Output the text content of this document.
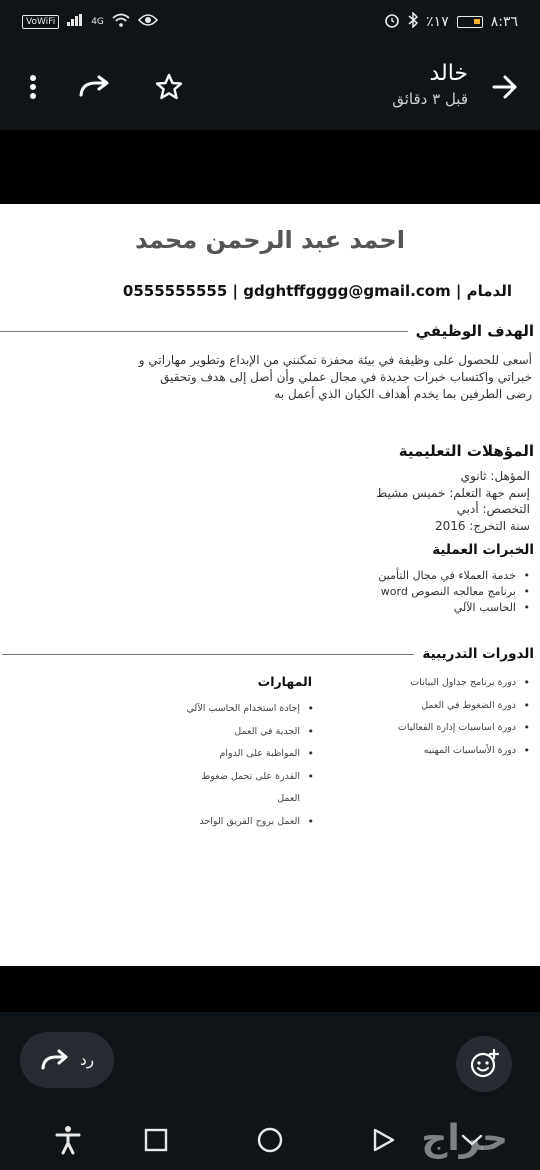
VoWiFi	4G	٪١٧	٨:٣٦
خالد
قبل ٣ دقائق
احمد عبد الرحمن محمد
الدمام | 0555555555 | gdghtffgggg@gmail.com
الهدف الوظيفي
أسعى للحصول على وظيفة في بيئة محفزة تمكنني من الإبداع وتطوير مهاراتي و خبراتي واكتساب خبرات جديدة في مجال عملي وأن أصل إلى هدف وتحقيق رضى الطرفين بما يخدم أهداف الكيان الذي أعمل به
المؤهلات التعليمية
المؤهل: ثانوي
إسم جهة التعلم: خميس مشيط
التخصص: أدبي
سنة التخرج: 2016
الخبرات العملية
• خدمة العملاء في مجال التأمين
• برنامج معالجه النصوص word
• الحاسب الآلي
الدورات التدريبية
• دورة برنامج جداول البيانات
• دورة الضغوط في العمل
• دورة اساسيات إدارة الفعاليات
• دورة الأساسيات المهنيه
المهارات
• إجادة استخدام الحاسب الآلي
• الجدية في العمل
• المواظبة على الدوام
• القدرة على تحمل ضغوط العمل
• العمل بروح الفريق الواحد
رد
حراج
